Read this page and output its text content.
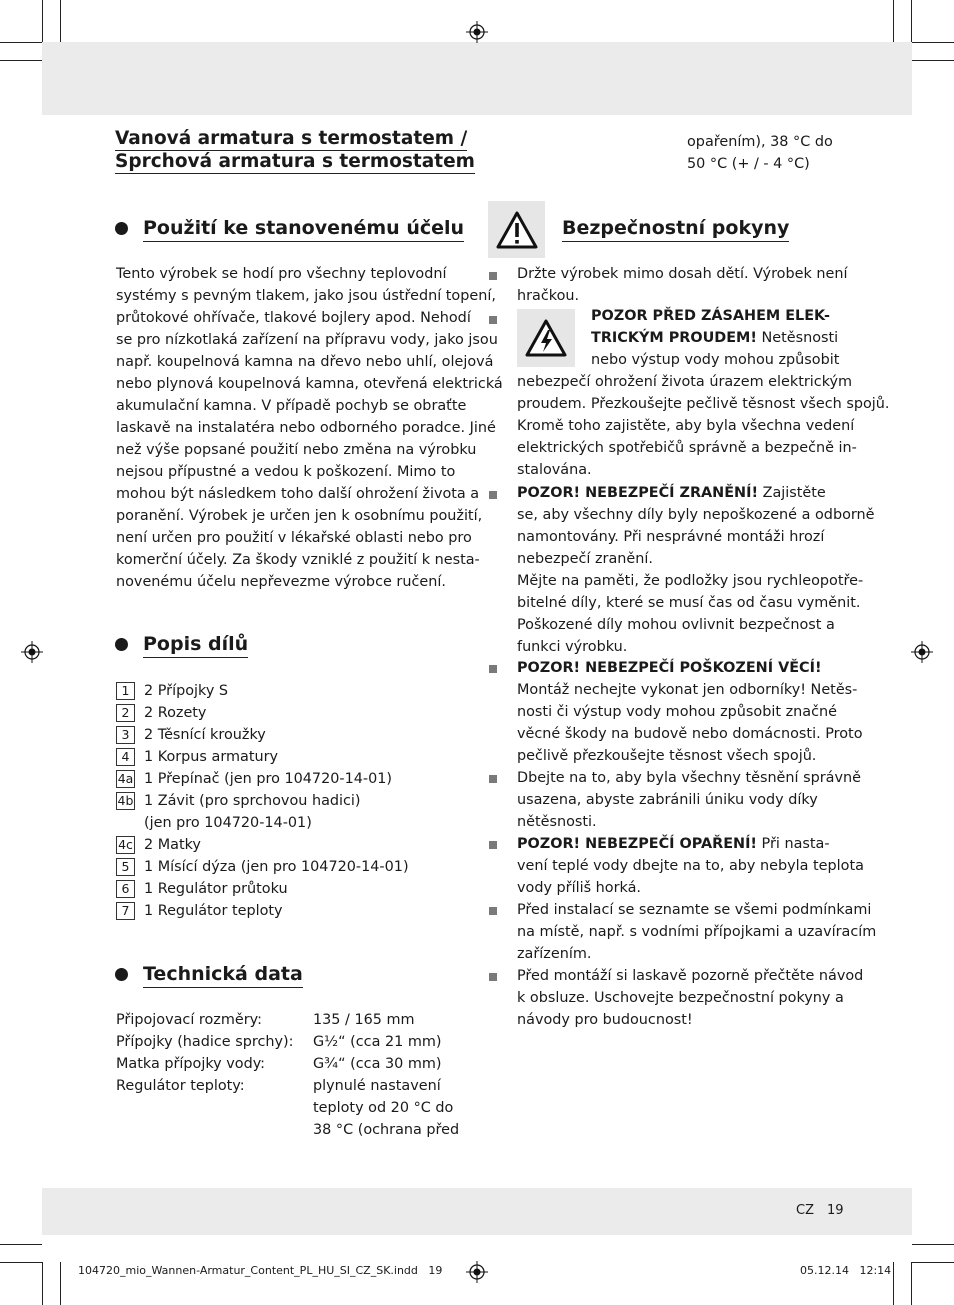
Vanová armatura s termostatem /
Sprchová armatura s termostatem
opařením), 38 °C do
50 °C (+ / - 4 °C)
Použití ke stanovenému účelu
Tento výrobek se hodí pro všechny teplovodní
systémy s pevným tlakem, jako jsou ústřední topení,
průtokové ohřívače, tlakové bojlery apod. Nehodí
se pro nízkotlaká zařízení na přípravu vody, jako jsou
např. koupelnová kamna na dřevo nebo uhlí, olejová
nebo plynová koupelnová kamna, otevřená elektrická
akumulační kamna. V případě pochyb se obraťte
laskavě na instalatéra nebo odborného poradce. Jiné
než výše popsané použití nebo změna na výrobku
nejsou přípustné a vedou k poškození. Mimo to
mohou být následkem toho další ohrožení života a
poranění. Výrobek je určen jen k osobnímu použití,
není určen pro použití v lékařské oblasti nebo pro
komerční účely. Za škody vzniklé z použití k nesta-
novenému účelu nepřevezme výrobce ručení.
Popis dílů
1	2 Přípojky S
2	2 Rozety
3	2 Těsnící kroužky
4	1 Korpus armatury
4a 1 Přepínač (jen pro 104720-14-01)
4b 1 Závit (pro sprchovou hadici)
(jen pro 104720-14-01)
4c 2 Matky
5	1 Mísící dýza (jen pro 104720-14-01)
6	1 Regulátor průtoku
7	1 Regulátor teploty
Technická data
Připojovací rozměry:	135 / 165 mm
Přípojky (hadice sprchy): G½“ (cca 21 mm)
Matka přípojky vody:	G¾“ (cca 30 mm)
Regulátor teploty:	plynulé nastavení
teploty od 20 °C do
38 °C (ochrana před
Bezpečnostní pokyny
Držte výrobek mimo dosah dětí. Výrobek není
hračkou.
POZOR PŘED ZÁSAHEM ELEK-
TRICKÝM PROUDEM! Netěsnosti
nebo výstup vody mohou způsobit
nebezpečí ohrožení života úrazem elektrickým
proudem. Přezkoušejte pečlivě těsnost všech spojů.
Kromě toho zajistěte, aby byla všechna vedení
elektrických spotřebičů správně a bezpečně in-
stalována.
POZOR! NEBEZPEČÍ ZRANĚNÍ! Zajistěte
se, aby všechny díly byly nepoškozené a odborně
namontovány. Při nesprávné montáži hrozí
nebezpečí zranění.
Mějte na paměti, že podložky jsou rychleopotře-
bitelné díly, které se musí čas od času vyměnit.
Poškozené díly mohou ovlivnit bezpečnost a
funkci výrobku.
POZOR! NEBEZPEČÍ POŠKOZENÍ VĚCÍ!
Montáž nechejte vykonat jen odborníky! Netěs-
nosti či výstup vody mohou způsobit značné
věcné škody na budově nebo domácnosti. Proto
pečlivě přezkoušejte těsnost všech spojů.
Dbejte na to, aby byla všechny těsnění správně
usazena, abyste zabránili úniku vody díky
nětěsnosti.
POZOR! NEBEZPEČÍ OPAŘENÍ! Při nasta-
vení teplé vody dbejte na to, aby nebyla teplota
vody příliš horká.
Před instalací se seznamte se všemi podmínkami
na místě, např. s vodními přípojkami a uzavíracím
zařízením.
Před montáží si laskavě pozorně přečtěte návod
k obsluze. Uschovejte bezpečnostní pokyny a
návody pro budoucnost!
CZ 19
104720_mio_Wannen-Armatur_Content_PL_HU_SI_CZ_SK.indd   19	05.12.14   12:14
